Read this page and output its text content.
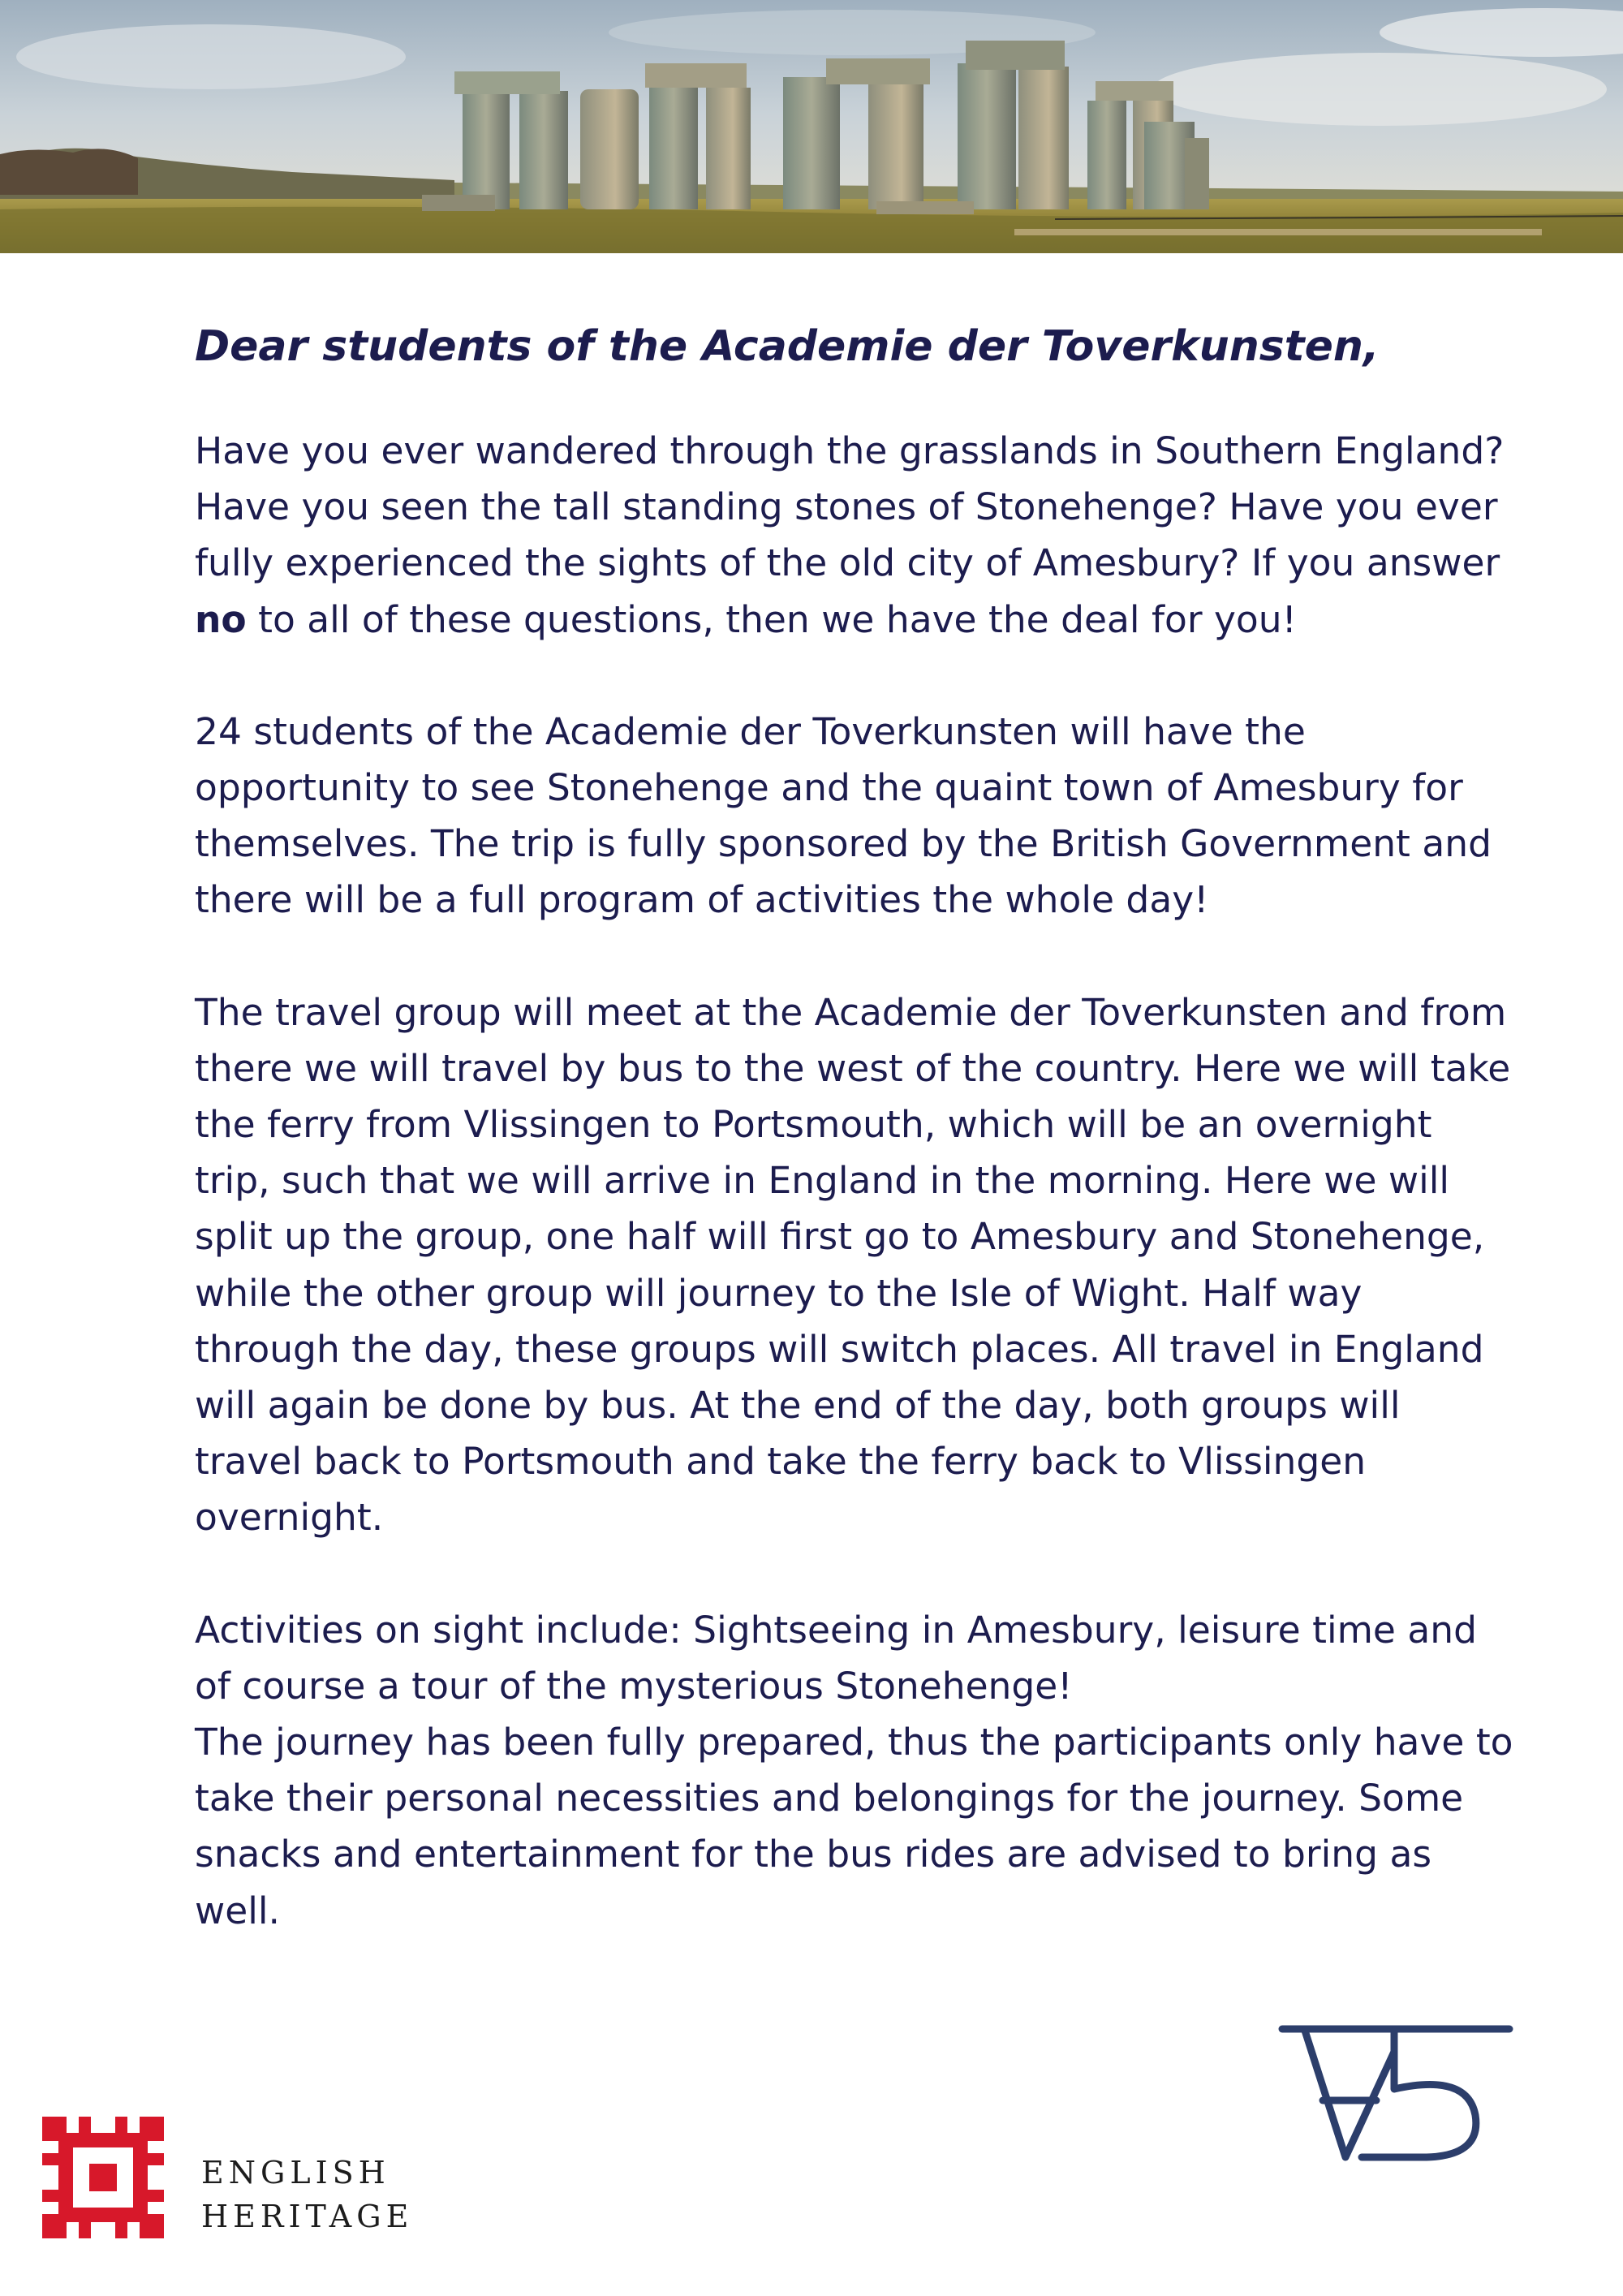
Dear students of the Academie der Toverkunsten,

Have you ever wandered through the grasslands in Southern England? Have you seen the tall standing stones of Stonehenge? Have you ever fully experienced the sights of the old city of Amesbury? If you answer no to all of these questions, then we have the deal for you!

24 students of the Academie der Toverkunsten will have the opportunity to see Stonehenge and the quaint town of Amesbury for themselves. The trip is fully sponsored by the British Government and there will be a full program of activities the whole day!

The travel group will meet at the Academie der Toverkunsten and from there we will travel by bus to the west of the country. Here we will take the ferry from Vlissingen to Portsmouth, which will be an overnight trip, such that we will arrive in England in the morning. Here we will split up the group, one half will first go to Amesbury and Stonehenge, while the other group will journey to the Isle of Wight. Half way through the day, these groups will switch places. All travel in England will again be done by bus. At the end of the day, both groups will travel back to Portsmouth and take the ferry back to Vlissingen overnight.

Activities on sight include: Sightseeing in Amesbury, leisure time and of course a tour of the mysterious Stonehenge!

The journey has been fully prepared, thus the participants only have to take their personal necessities and belongings for the journey. Some snacks and entertainment for the bus rides are advised to bring as well.

ENGLISH
HERITAGE
